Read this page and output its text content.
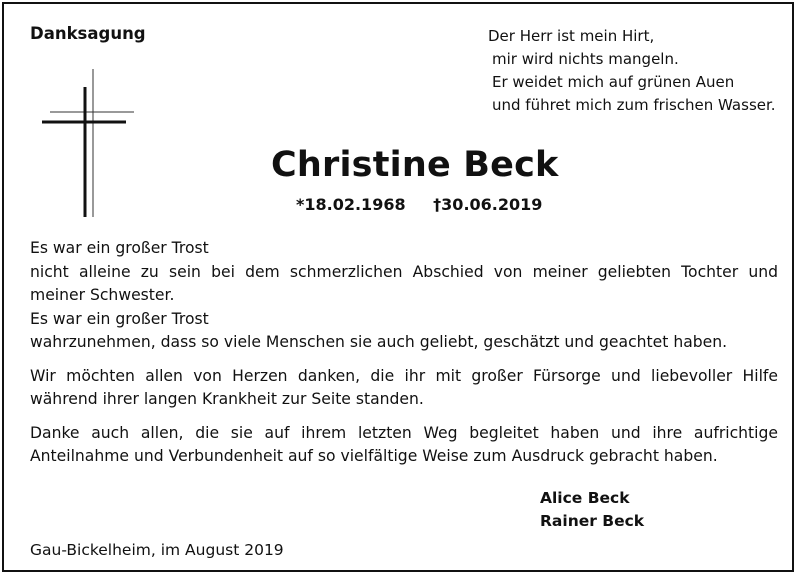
Danksagung	Der Herr ist mein Hirt,
mir wird nichts mangeln.
Er weidet mich auf grünen Auen
und führet mich zum frischen Wasser.
Christine Beck
*18.02.1968 †30.06.2019
Es war ein großer Trost
nicht alleine zu sein bei dem schmerzlichen Abschied von meiner geliebten Tochter und
meiner Schwester.
Es war ein großer Trost
wahrzunehmen, dass so viele Menschen sie auch geliebt, geschätzt und geachtet haben.
Wir möchten allen von Herzen danken, die ihr mit großer Fürsorge und liebevoller Hilfe
während ihrer langen Krankheit zur Seite standen.
Danke auch allen, die sie auf ihrem letzten Weg begleitet haben und ihre aufrichtige
Anteilnahme und Verbundenheit auf so vielfältige Weise zum Ausdruck gebracht haben.
Alice Beck
Rainer Beck
Gau-Bickelheim, im August 2019
